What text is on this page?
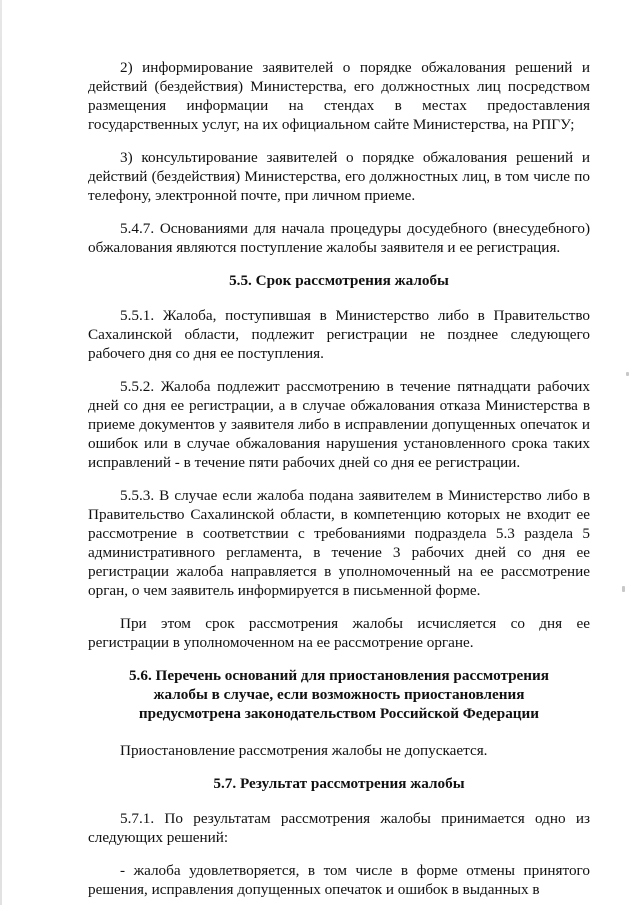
2) информирование заявителей о порядке обжалования решений и действий (бездействия) Министерства, его должностных лиц посредством размещения информации на стендах в местах предоставления государственных услуг, на их официальном сайте Министерства, на РПГУ;

3) консультирование заявителей о порядке обжалования решений и действий (бездействия) Министерства, его должностных лиц, в том числе по телефону, электронной почте, при личном приеме.

5.4.7. Основаниями для начала процедуры досудебного (внесудебного) обжалования являются поступление жалобы заявителя и ее регистрация.

5.5. Срок рассмотрения жалобы

5.5.1. Жалоба, поступившая в Министерство либо в Правительство Сахалинской области, подлежит регистрации не позднее следующего рабочего дня со дня ее поступления.

5.5.2. Жалоба подлежит рассмотрению в течение пятнадцати рабочих дней со дня ее регистрации, а в случае обжалования отказа Министерства в приеме документов у заявителя либо в исправлении допущенных опечаток и ошибок или в случае обжалования нарушения установленного срока таких исправлений - в течение пяти рабочих дней со дня ее регистрации.

5.5.3. В случае если жалоба подана заявителем в Министерство либо в Правительство Сахалинской области, в компетенцию которых не входит ее рассмотрение в соответствии с требованиями подраздела 5.3 раздела 5 административного регламента, в течение 3 рабочих дней со дня ее регистрации жалоба направляется в уполномоченный на ее рассмотрение орган, о чем заявитель информируется в письменной форме.

При этом срок рассмотрения жалобы исчисляется со дня ее регистрации в уполномоченном на ее рассмотрение органе.

5.6. Перечень оснований для приостановления рассмотрения
жалобы в случае, если возможность приостановления
предусмотрена законодательством Российской Федерации

Приостановление рассмотрения жалобы не допускается.

5.7. Результат рассмотрения жалобы

5.7.1. По результатам рассмотрения жалобы принимается одно из следующих решений:

- жалоба удовлетворяется, в том числе в форме отмены принятого решения, исправления допущенных опечаток и ошибок в выданных в
